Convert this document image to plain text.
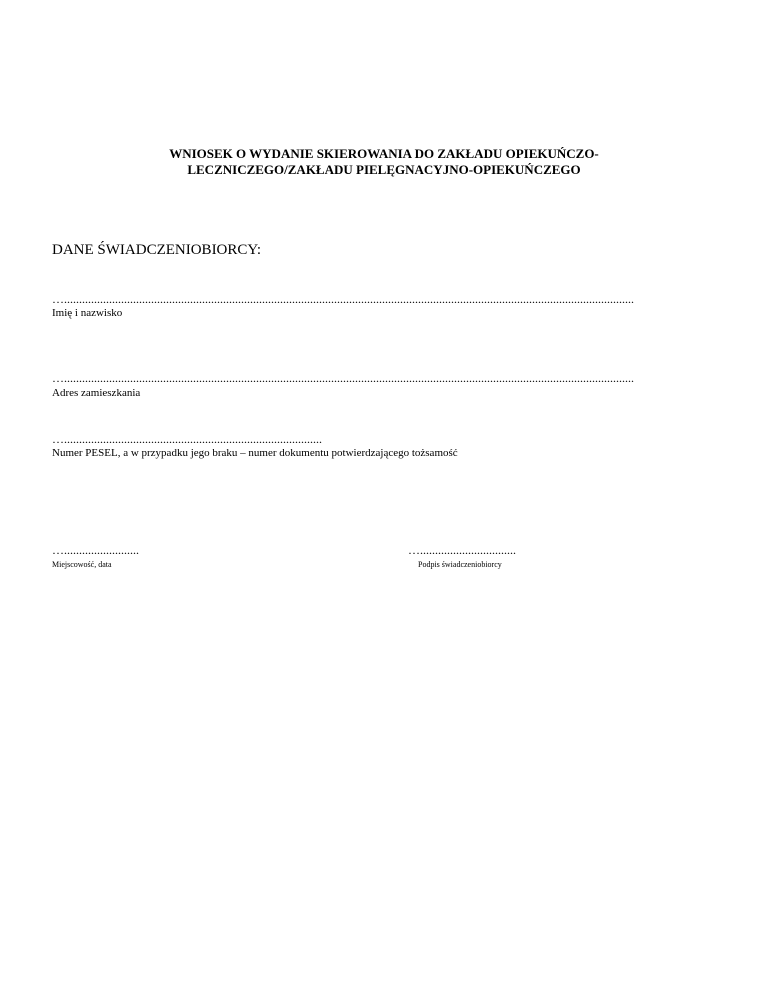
WNIOSEK O WYDANIE SKIEROWANIA DO ZAKŁADU OPIEKUŃCZO-
LECZNICZEGO/ZAKŁADU PIELĘGNACYJNO-OPIEKUŃCZEGO
DANE ŚWIADCZENIOBIORCY:
…..............................................................................................................................................................................................
Imię i nazwisko
…..............................................................................................................................................................................................
Adres zamieszkania
…......................................................................................
Numer PESEL, a w przypadku jego braku – numer dokumentu potwierdzającego tożsamość
….........................
Miejscowość, data
…................................
Podpis świadczeniobiorcy
